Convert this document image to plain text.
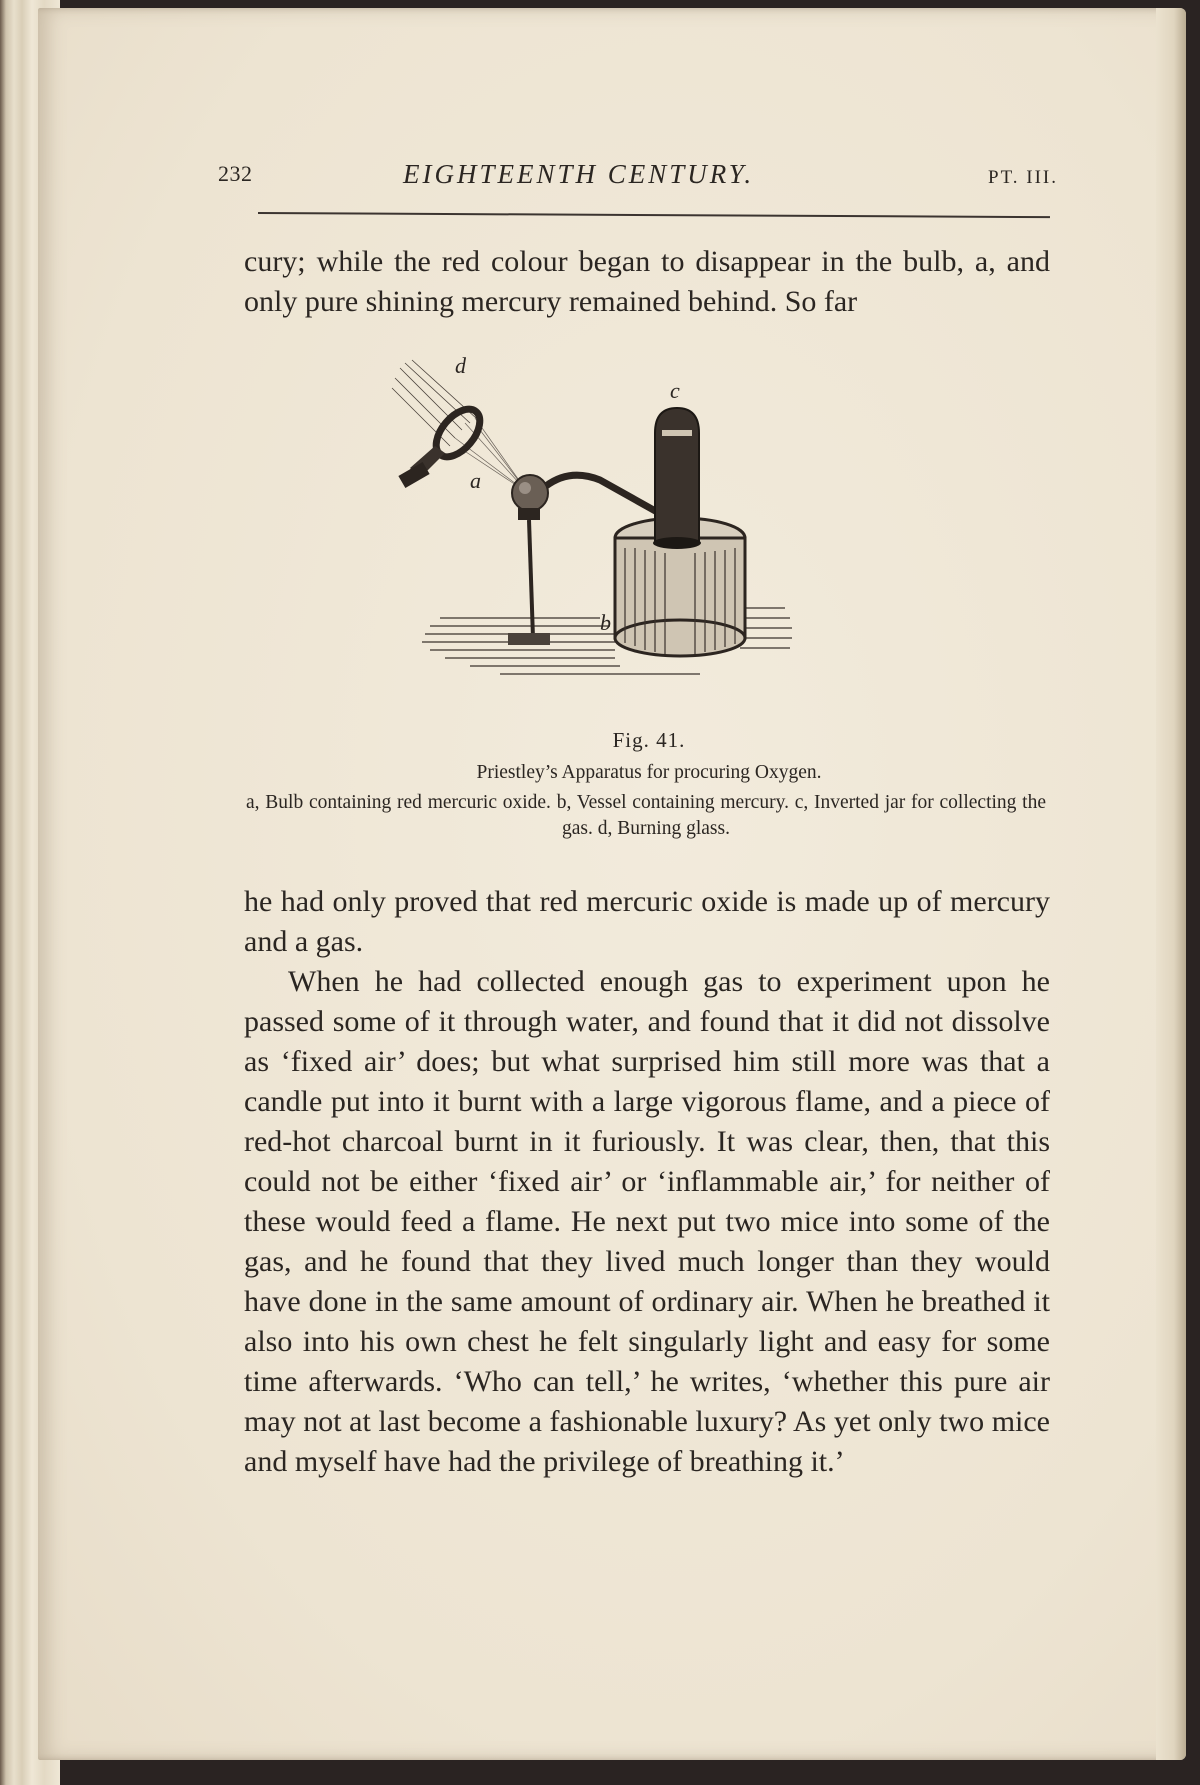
232	EIGHTEENTH CENTURY.	PT. III.

cury; while the red colour began to disappear in the bulb, a, and only pure shining mercury remained behind. So far

d
c
a
b
Fig. 41.
Priestley’s Apparatus for procuring Oxygen.
a, Bulb containing red mercuric oxide. b, Vessel containing mercury. c, Inverted jar for collecting the gas. d, Burning glass.

he had only proved that red mercuric oxide is made up of mercury and a gas.

When he had collected enough gas to experiment upon he passed some of it through water, and found that it did not dissolve as ‘fixed air’ does; but what surprised him still more was that a candle put into it burnt with a large vigorous flame, and a piece of red-hot charcoal burnt in it furiously. It was clear, then, that this could not be either ‘fixed air’ or ‘inflammable air,’ for neither of these would feed a flame. He next put two mice into some of the gas, and he found that they lived much longer than they would have done in the same amount of ordinary air. When he breathed it also into his own chest he felt singularly light and easy for some time afterwards. ‘Who can tell,’ he writes, ‘whether this pure air may not at last become a fashionable luxury? As yet only two mice and myself have had the privilege of breathing it.’
